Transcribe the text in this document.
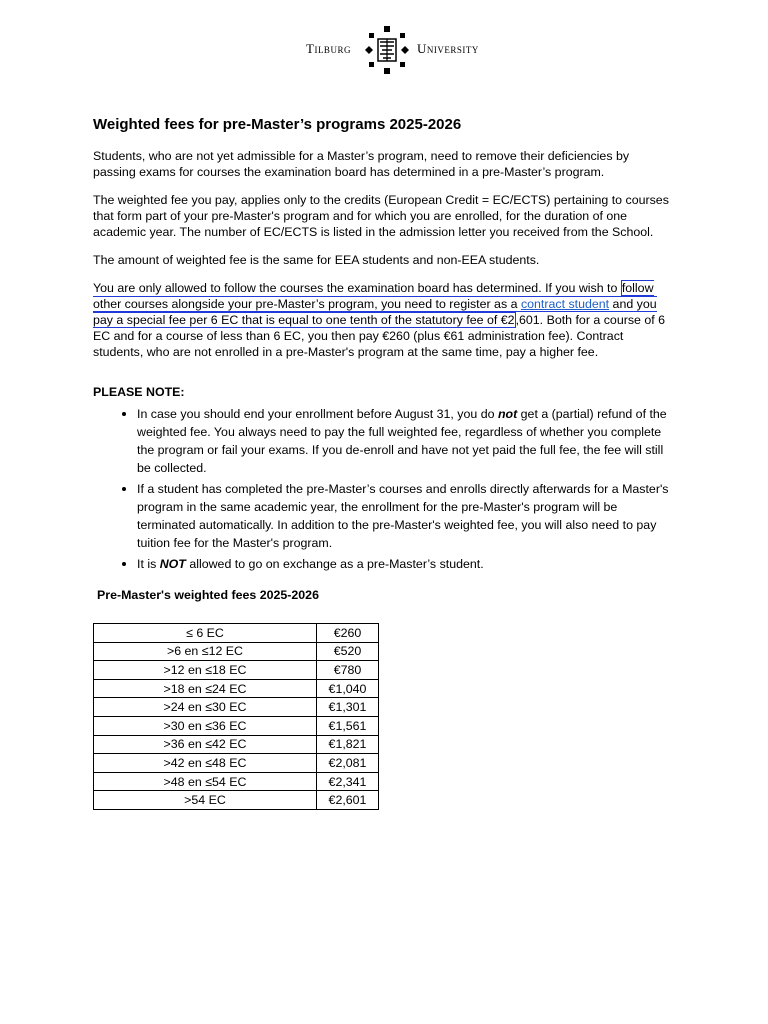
Tilburg	University
Weighted fees for pre-Master’s programs 2025-2026

Students, who are not yet admissible for a Master’s program, need to remove their deficiencies by passing exams for courses the examination board has determined in a pre-Master’s program.

The weighted fee you pay, applies only to the credits (European Credit = EC/ECTS) pertaining to courses that form part of your pre-Master's program and for which you are enrolled, for the duration of one academic year. The number of EC/ECTS is listed in the admission letter you received from the School.

The amount of weighted fee is the same for EEA students and non-EEA students.

You are only allowed to follow the courses the examination board has determined. If you wish to follow other courses alongside your pre-Master’s program, you need to register as a contract student and you pay a special fee per 6 EC that is equal to one tenth of the statutory fee of €2,601. Both for a course of 6 EC and for a course of less than 6 EC, you then pay €260 (plus €61 administration fee). Contract students, who are not enrolled in a pre-Master's program at the same time, pay a higher fee.

PLEASE NOTE:
• In case you should end your enrollment before August 31, you do not get a (partial) refund of the weighted fee. You always need to pay the full weighted fee, regardless of whether you complete the program or fail your exams. If you de-enroll and have not yet paid the full fee, the fee will still be collected.
• If a student has completed the pre-Master’s courses and enrolls directly afterwards for a Master's program in the same academic year, the enrollment for the pre-Master's program will be terminated automatically. In addition to the pre-Master's weighted fee, you will also need to pay tuition fee for the Master's program.
• It is NOT allowed to go on exchange as a pre-Master’s student.
Pre-Master's weighted fees 2025-2026
≤ 6 EC	€260
>6 en ≤12 EC	€520
>12 en ≤18 EC	€780
>18 en ≤24 EC	€1,040
>24 en ≤30 EC	€1,301
>30 en ≤36 EC	€1,561
>36 en ≤42 EC	€1,821
>42 en ≤48 EC	€2,081
>48 en ≤54 EC	€2,341
>54 EC	€2,601
